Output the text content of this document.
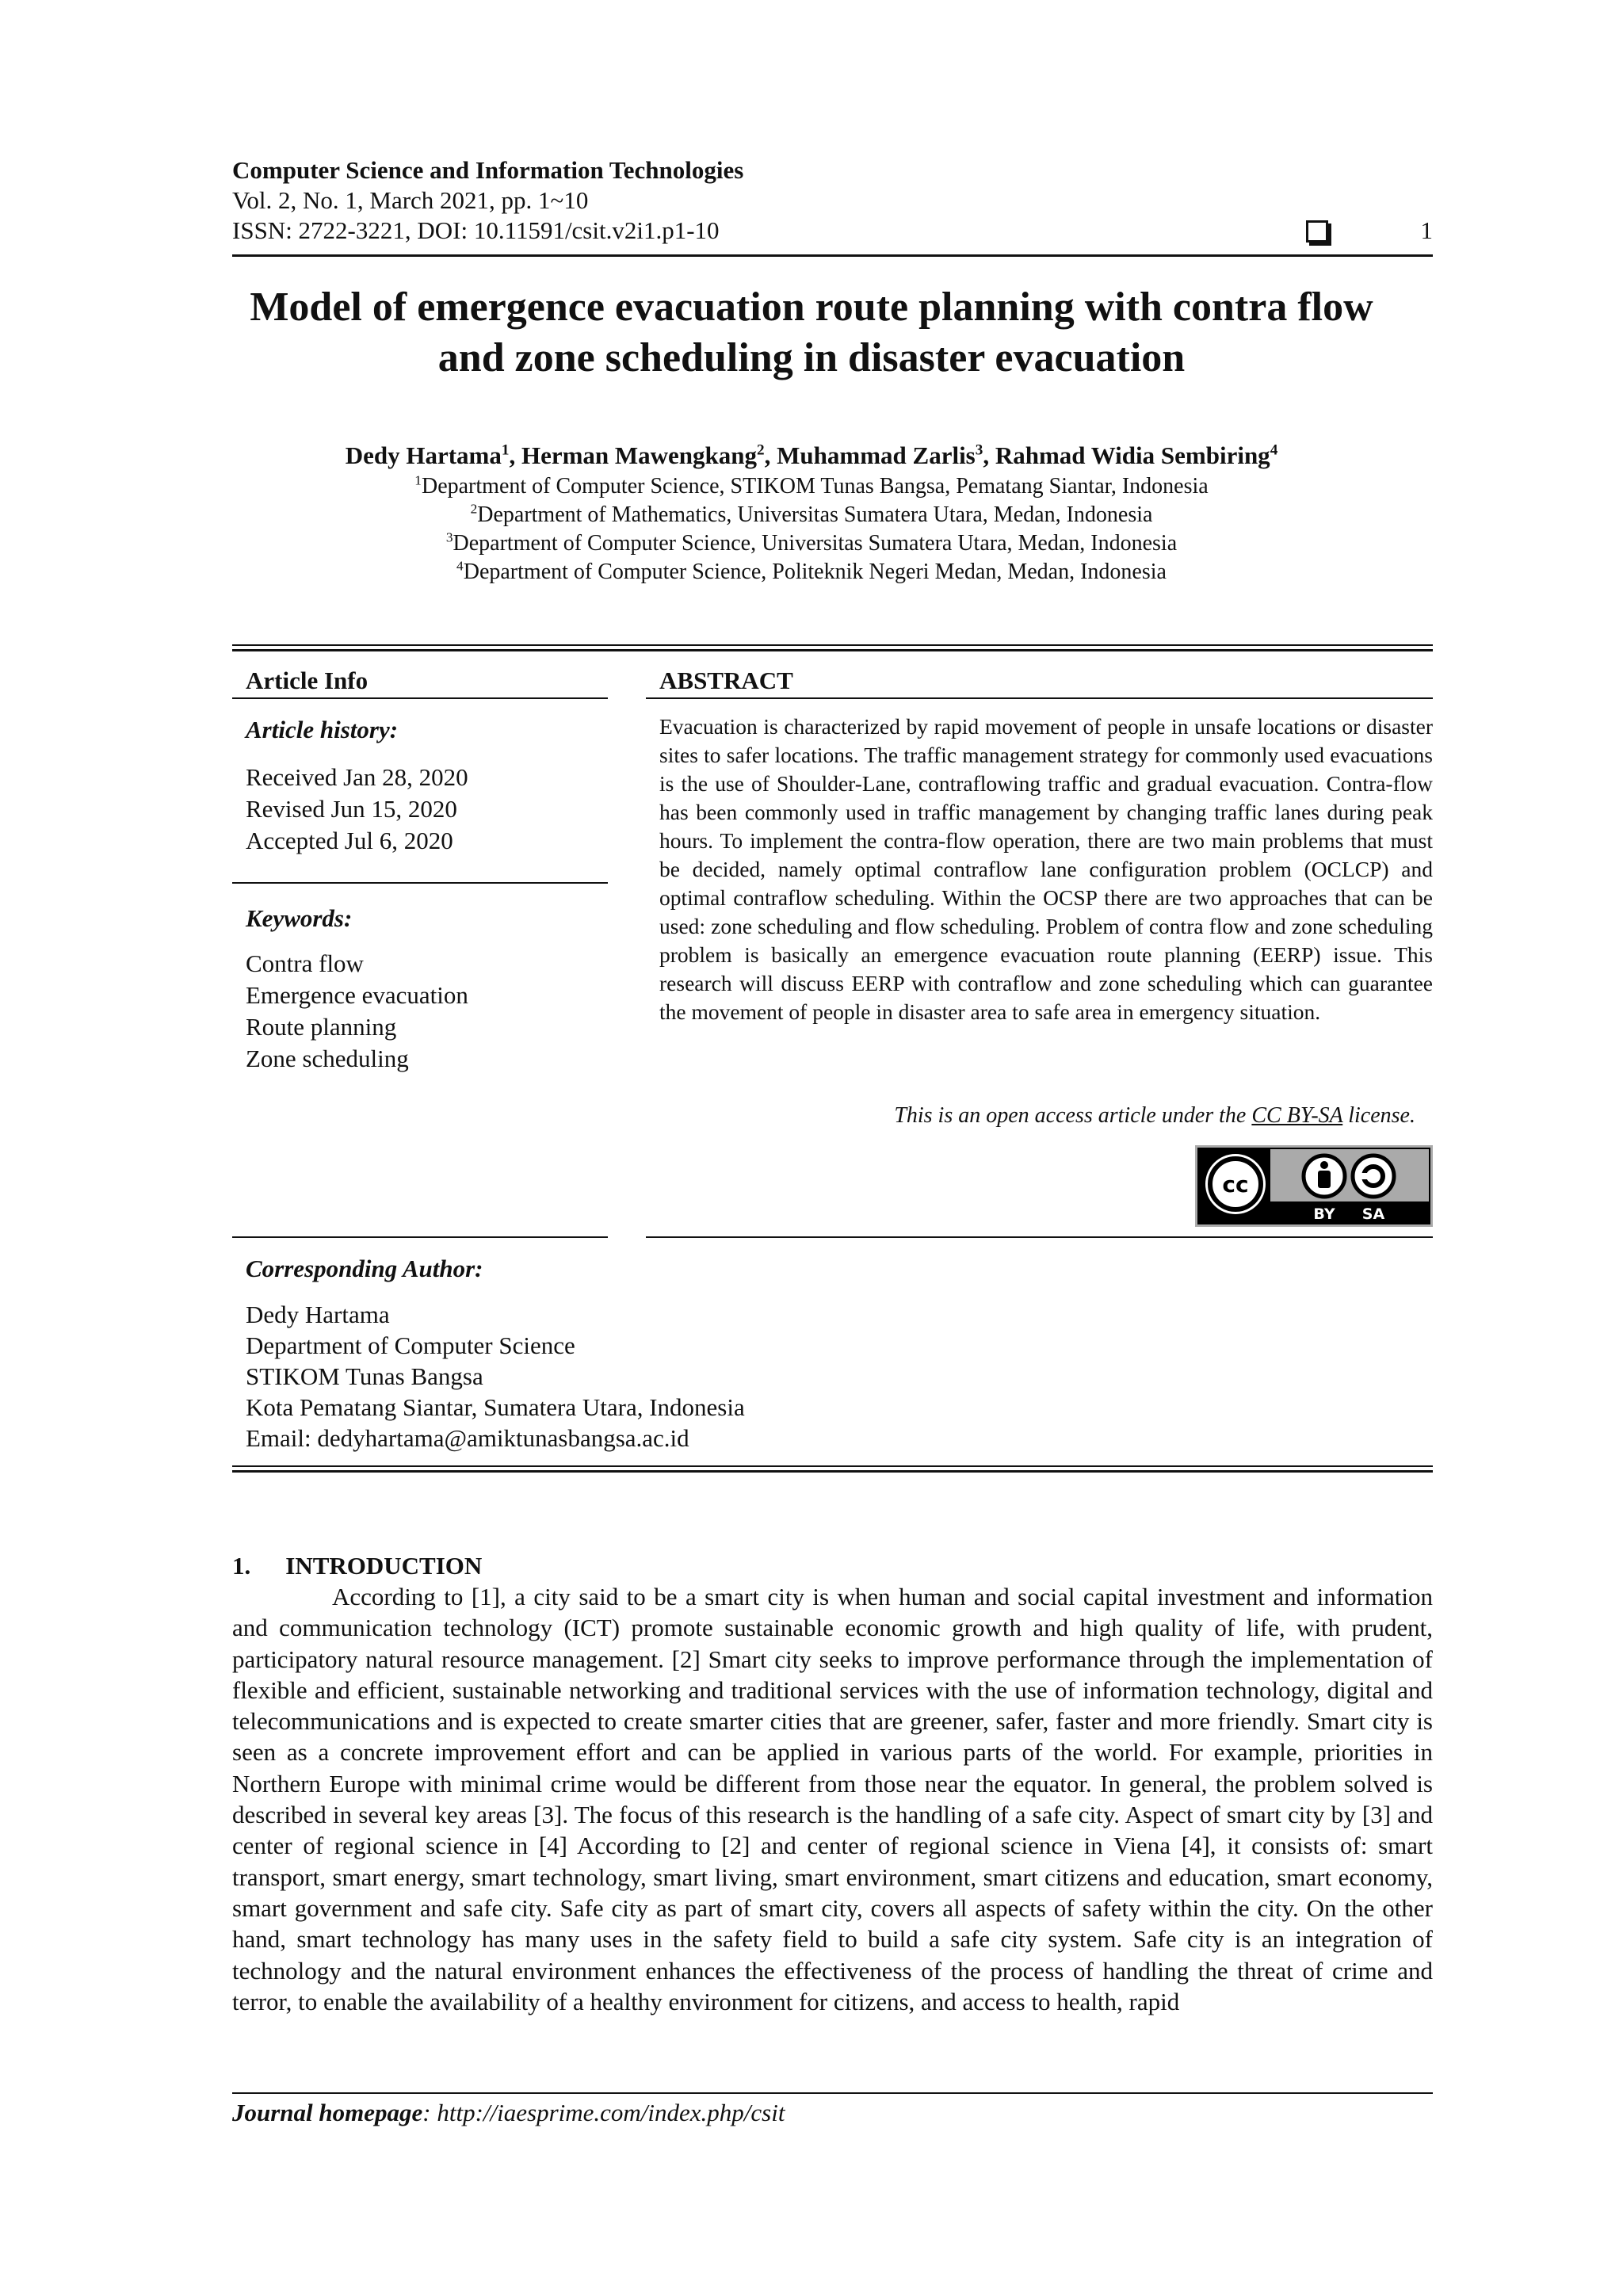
Computer Science and Information Technologies
Vol. 2, No. 1, March 2021, pp. 1~10
ISSN: 2722-3221, DOI: 10.11591/csit.v2i1.p1-10	1
Model of emergence evacuation route planning with contra flow
and zone scheduling in disaster evacuation
Dedy Hartama$^1$, Herman Mawengkang$^2$, Muhammad Zarlis$^3$, Rahmad Widia Sembiring$^4$
$^1$Department of Computer Science, STIKOM Tunas Bangsa, Pematang Siantar, Indonesia
$^2$Department of Mathematics, Universitas Sumatera Utara, Medan, Indonesia
$^3$Department of Computer Science, Universitas Sumatera Utara, Medan, Indonesia
$^4$Department of Computer Science, Politeknik Negeri Medan, Medan, Indonesia
Article Info
Article history:
Received Jan 28, 2020
Revised Jun 15, 2020
Accepted Jul 6, 2020
Keywords:
Contra flow
Emergence evacuation
Route planning
Zone scheduling
ABSTRACT
Evacuation is characterized by rapid movement of people in unsafe locations or disaster sites to safer locations. The traffic management strategy for commonly used evacuations is the use of Shoulder-Lane, contraflowing traffic and gradual evacuation. Contra-flow has been commonly used in traffic management by changing traffic lanes during peak hours. To implement the contra-flow operation, there are two main problems that must be decided, namely optimal contraflow lane configuration problem (OCLCP) and optimal contraflow scheduling. Within the OCSP there are two approaches that can be used: zone scheduling and flow scheduling. Problem of contra flow and zone scheduling problem is basically an emergence evacuation route planning (EERP) issue. This research will discuss EERP with contraflow and zone scheduling which can guarantee the movement of people in disaster area to safe area in emergency situation.
This is an open access article under the CC BY-SA license.
cc
BY SA
Corresponding Author:
Dedy Hartama
Department of Computer Science
STIKOM Tunas Bangsa
Kota Pematang Siantar, Sumatera Utara, Indonesia
Email: dedyhartama@amiktunasbangsa.ac.id
1. INTRODUCTION
According to [1], a city said to be a smart city is when human and social capital investment and information and communication technology (ICT) promote sustainable economic growth and high quality of life, with prudent, participatory natural resource management. [2] Smart city seeks to improve performance through the implementation of flexible and efficient, sustainable networking and traditional services with the use of information technology, digital and telecommunications and is expected to create smarter cities that are greener, safer, faster and more friendly. Smart city is seen as a concrete improvement effort and can be applied in various parts of the world. For example, priorities in Northern Europe with minimal crime would be different from those near the equator. In general, the problem solved is described in several key areas [3]. The focus of this research is the handling of a safe city. Aspect of smart city by [3] and center of regional science in [4] According to [2] and center of regional science in Viena [4], it consists of: smart transport, smart energy, smart technology, smart living, smart environment, smart citizens and education, smart economy, smart government and safe city. Safe city as part of smart city, covers all aspects of safety within the city. On the other hand, smart technology has many uses in the safety field to build a safe city system. Safe city is an integration of technology and the natural environment enhances the effectiveness of the process of handling the threat of crime and terror, to enable the availability of a healthy environment for citizens, and access to health, rapid
Journal homepage: http://iaesprime.com/index.php/csit
